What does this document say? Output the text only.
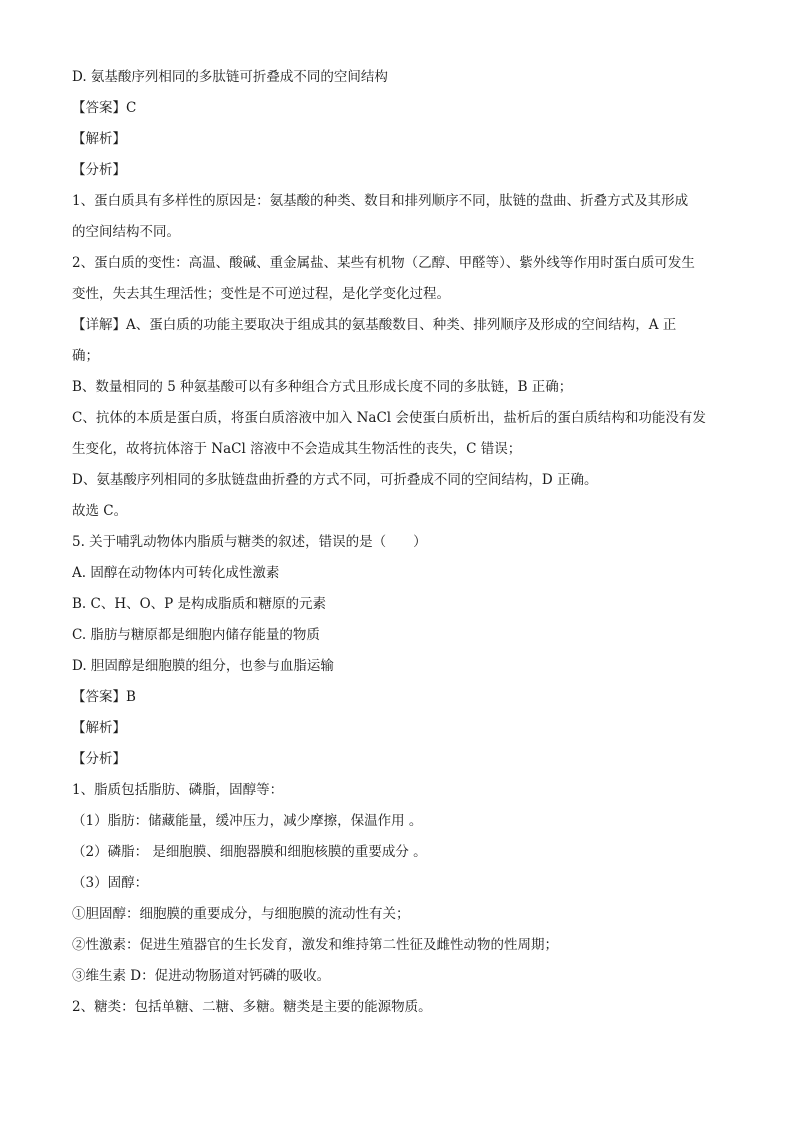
D. 氨基酸序列相同的多肽链可折叠成不同的空间结构
【答案】C
【解析】
【分析】
1、蛋白质具有多样性的原因是：氨基酸的种类、数目和排列顺序不同，肽链的盘曲、折叠方式及其形成
的空间结构不同。
2、蛋白质的变性：高温、酸碱、重金属盐、某些有机物（乙醇、甲醛等）、紫外线等作用时蛋白质可发生
变性，失去其生理活性；变性是不可逆过程，是化学变化过程。
【详解】A、蛋白质的功能主要取决于组成其的氨基酸数目、种类、排列顺序及形成的空间结构，A 正
确；
B、数量相同的 5 种氨基酸可以有多种组合方式且形成长度不同的多肽链，B 正确；
C、抗体的本质是蛋白质，将蛋白质溶液中加入 NaCl 会使蛋白质析出，盐析后的蛋白质结构和功能没有发
生变化，故将抗体溶于 NaCl 溶液中不会造成其生物活性的丧失，C 错误；
D、氨基酸序列相同的多肽链盘曲折叠的方式不同，可折叠成不同的空间结构，D 正确。
故选 C。
5. 关于哺乳动物体内脂质与糖类的叙述，错误的是（　　）
A. 固醇在动物体内可转化成性激素
B. C、H、O、P 是构成脂质和糖原的元素
C. 脂肪与糖原都是细胞内储存能量的物质
D. 胆固醇是细胞膜的组分，也参与血脂运输
【答案】B
【解析】
【分析】
1、脂质包括脂肪、磷脂，固醇等：
（1）脂肪：储藏能量，缓冲压力，减少摩擦，保温作用 。
（2）磷脂： 是细胞膜、细胞器膜和细胞核膜的重要成分 。
（3）固醇：
①胆固醇：细胞膜的重要成分，与细胞膜的流动性有关；
②性激素：促进生殖器官的生长发育，激发和维持第二性征及雌性动物的性周期；
③维生素 D：促进动物肠道对钙磷的吸收。
2、糖类：包括单糖、二糖、多糖。糖类是主要的能源物质。
